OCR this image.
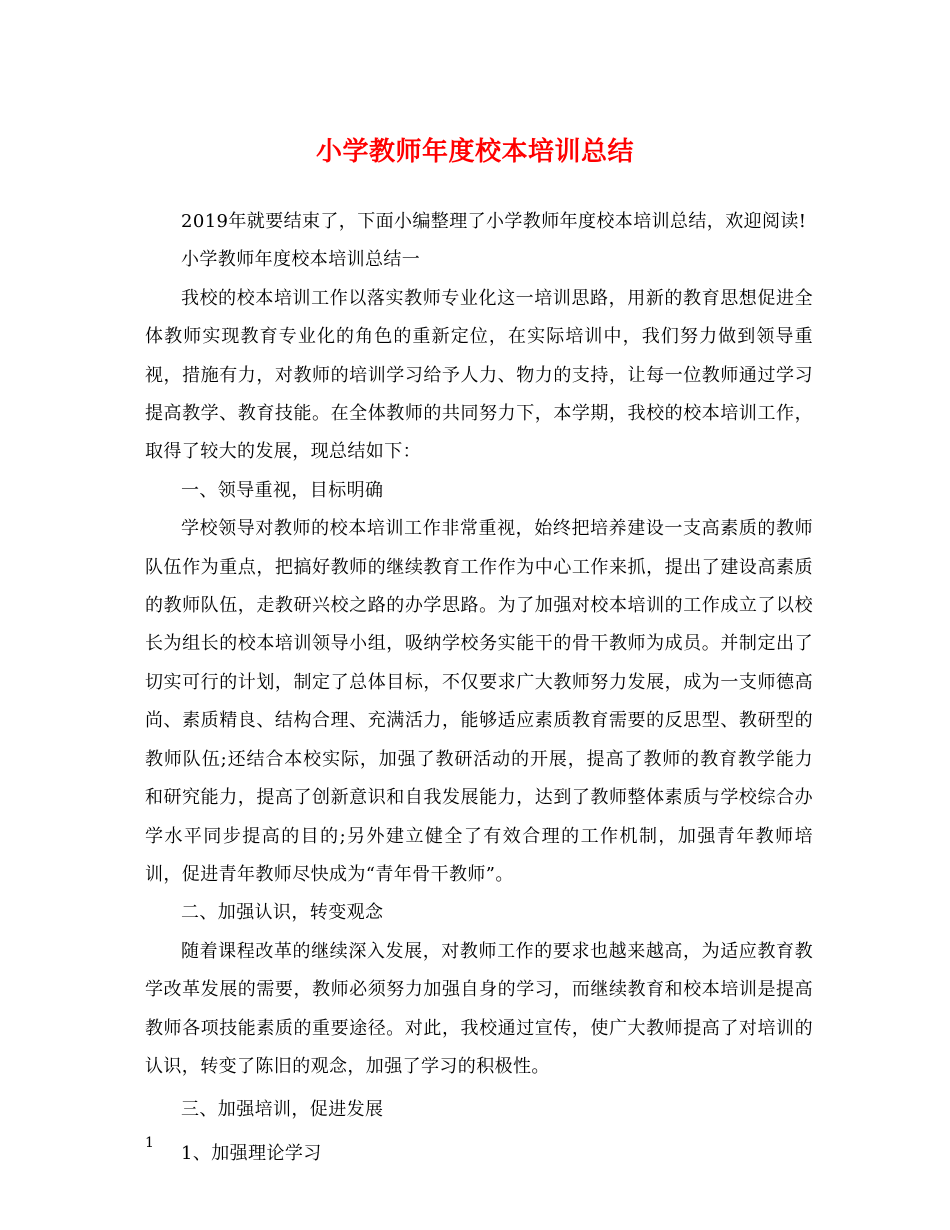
小学教师年度校本培训总结

2019年就要结束了，下面小编整理了小学教师年度校本培训总结，欢迎阅读!

小学教师年度校本培训总结一

我校的校本培训工作以落实教师专业化这一培训思路，用新的教育思想促进全体教师实现教育专业化的角色的重新定位，在实际培训中，我们努力做到领导重视，措施有力，对教师的培训学习给予人力、物力的支持，让每一位教师通过学习提高教学、教育技能。在全体教师的共同努力下，本学期，我校的校本培训工作，取得了较大的发展，现总结如下：

一、领导重视，目标明确

学校领导对教师的校本培训工作非常重视，始终把培养建设一支高素质的教师队伍作为重点，把搞好教师的继续教育工作作为中心工作来抓，提出了建设高素质的教师队伍，走教研兴校之路的办学思路。为了加强对校本培训的工作成立了以校长为组长的校本培训领导小组，吸纳学校务实能干的骨干教师为成员。并制定出了切实可行的计划，制定了总体目标，不仅要求广大教师努力发展，成为一支师德高尚、素质精良、结构合理、充满活力，能够适应素质教育需要的反思型、教研型的教师队伍;还结合本校实际，加强了教研活动的开展，提高了教师的教育教学能力和研究能力，提高了创新意识和自我发展能力，达到了教师整体素质与学校综合办学水平同步提高的目的;另外建立健全了有效合理的工作机制，加强青年教师培训，促进青年教师尽快成为“青年骨干教师”。

二、加强认识，转变观念

随着课程改革的继续深入发展，对教师工作的要求也越来越高，为适应教育教学改革发展的需要，教师必须努力加强自身的学习，而继续教育和校本培训是提高教师各项技能素质的重要途径。对此，我校通过宣传，使广大教师提高了对培训的认识，转变了陈旧的观念，加强了学习的积极性。

三、加强培训，促进发展

1、加强理论学习

1
